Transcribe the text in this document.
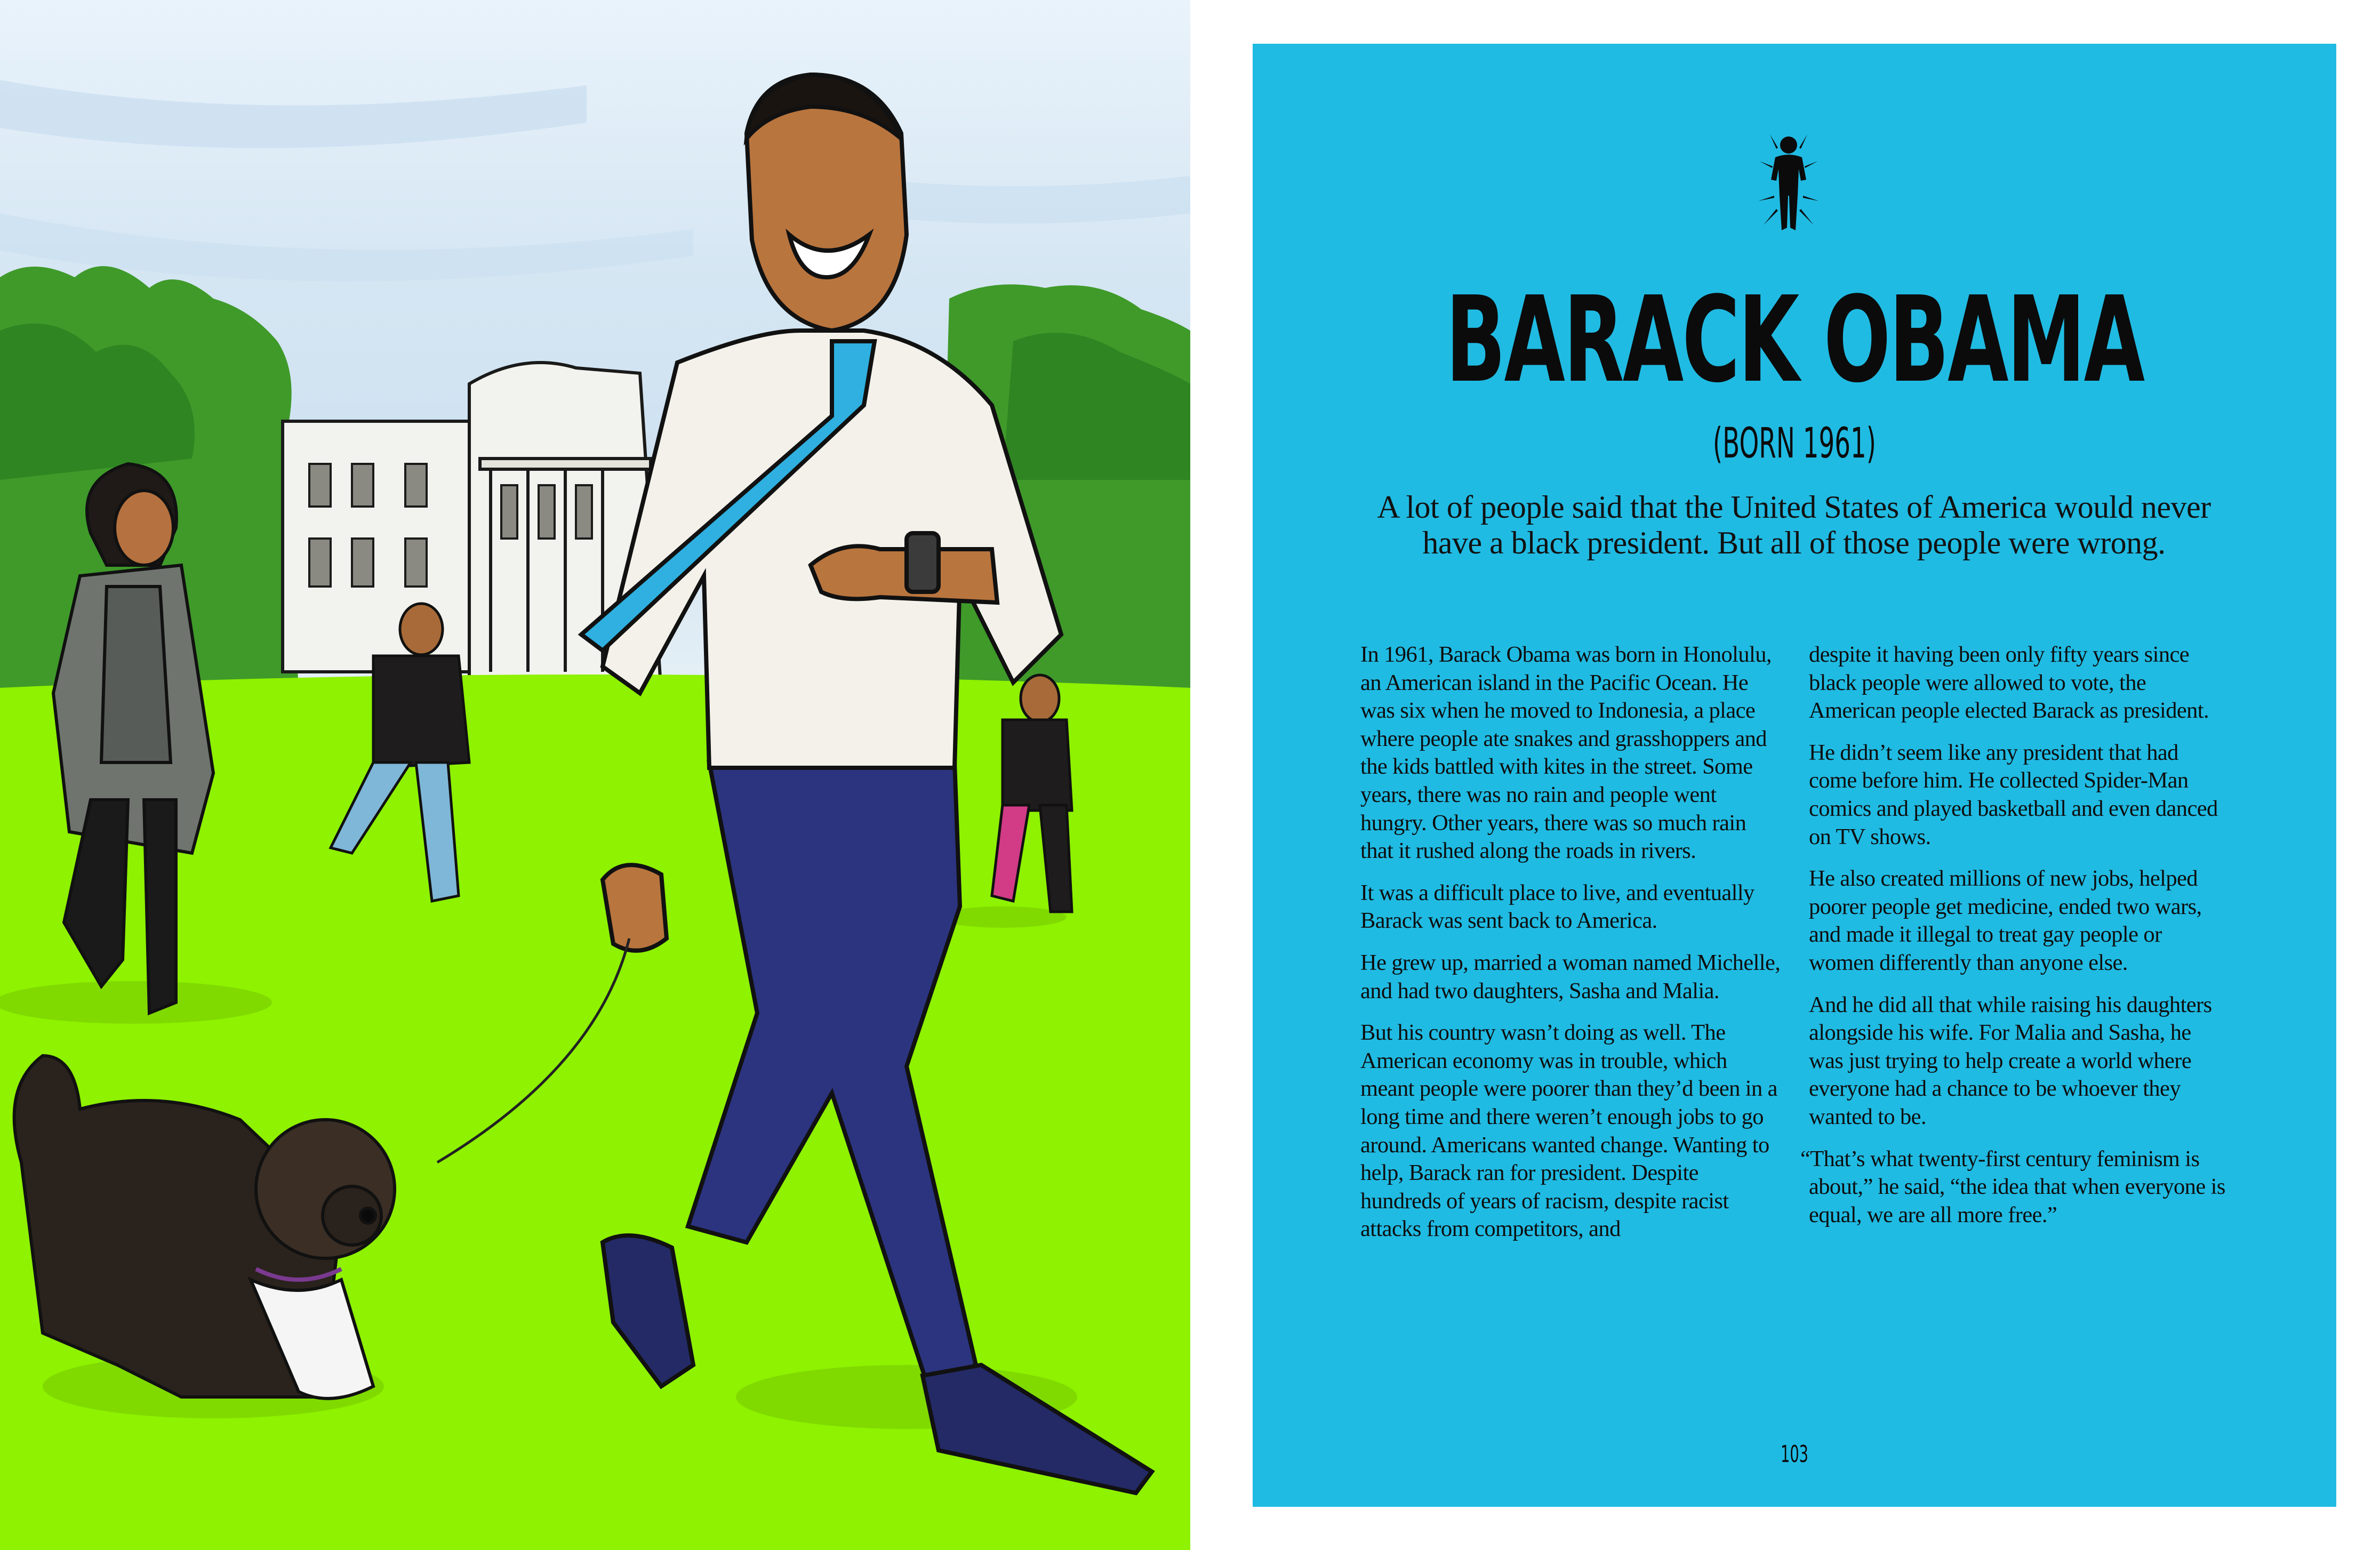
BARACK OBAMA
(BORN 1961)
A lot of people said that the United States of America would never have a black president. But all of those people were wrong.

In 1961, Barack Obama was born in Honolulu, an American island in the Pacific Ocean. He was six when he moved to Indonesia, a place where people ate snakes and grasshoppers and the kids battled with kites in the street. Some years, there was no rain and people went hungry. Other years, there was so much rain that it rushed along the roads in rivers.

It was a difficult place to live, and eventually Barack was sent back to America.

He grew up, married a woman named Michelle, and had two daughters, Sasha and Malia.

But his country wasn’t doing as well. The American economy was in trouble, which meant people were poorer than they’d been in a long time and there weren’t enough jobs to go around. Americans wanted change. Wanting to help, Barack ran for president. Despite hundreds of years of racism, despite racist attacks from competitors, and

despite it having been only fifty years since black people were allowed to vote, the American people elected Barack as president.

He didn’t seem like any president that had come before him. He collected Spider-Man comics and played basketball and even danced on TV shows.

He also created millions of new jobs, helped poorer people get medicine, ended two wars, and made it illegal to treat gay people or women differently than anyone else.

And he did all that while raising his daughters alongside his wife. For Malia and Sasha, he was just trying to help create a world where everyone had a chance to be whoever they wanted to be.

“That’s what twenty-first century feminism is about,” he said, “the idea that when everyone is equal, we are all more free.”

103
